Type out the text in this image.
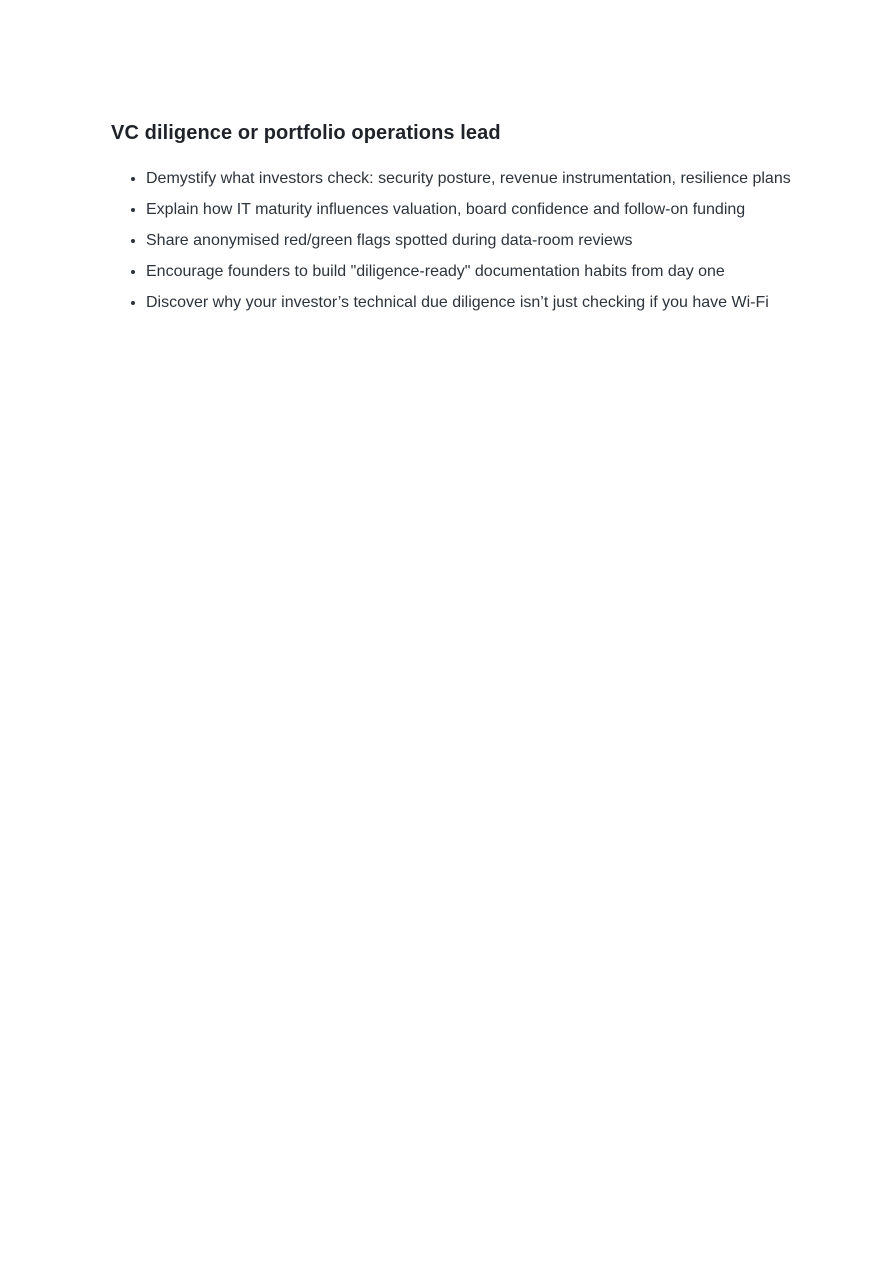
VC diligence or portfolio operations lead
• Demystify what investors check: security posture, revenue instrumentation, resilience plans
• Explain how IT maturity influences valuation, board confidence and follow-on funding
• Share anonymised red/green flags spotted during data-room reviews
• Encourage founders to build "diligence-ready" documentation habits from day one
• Discover why your investor’s technical due diligence isn’t just checking if you have Wi-Fi
